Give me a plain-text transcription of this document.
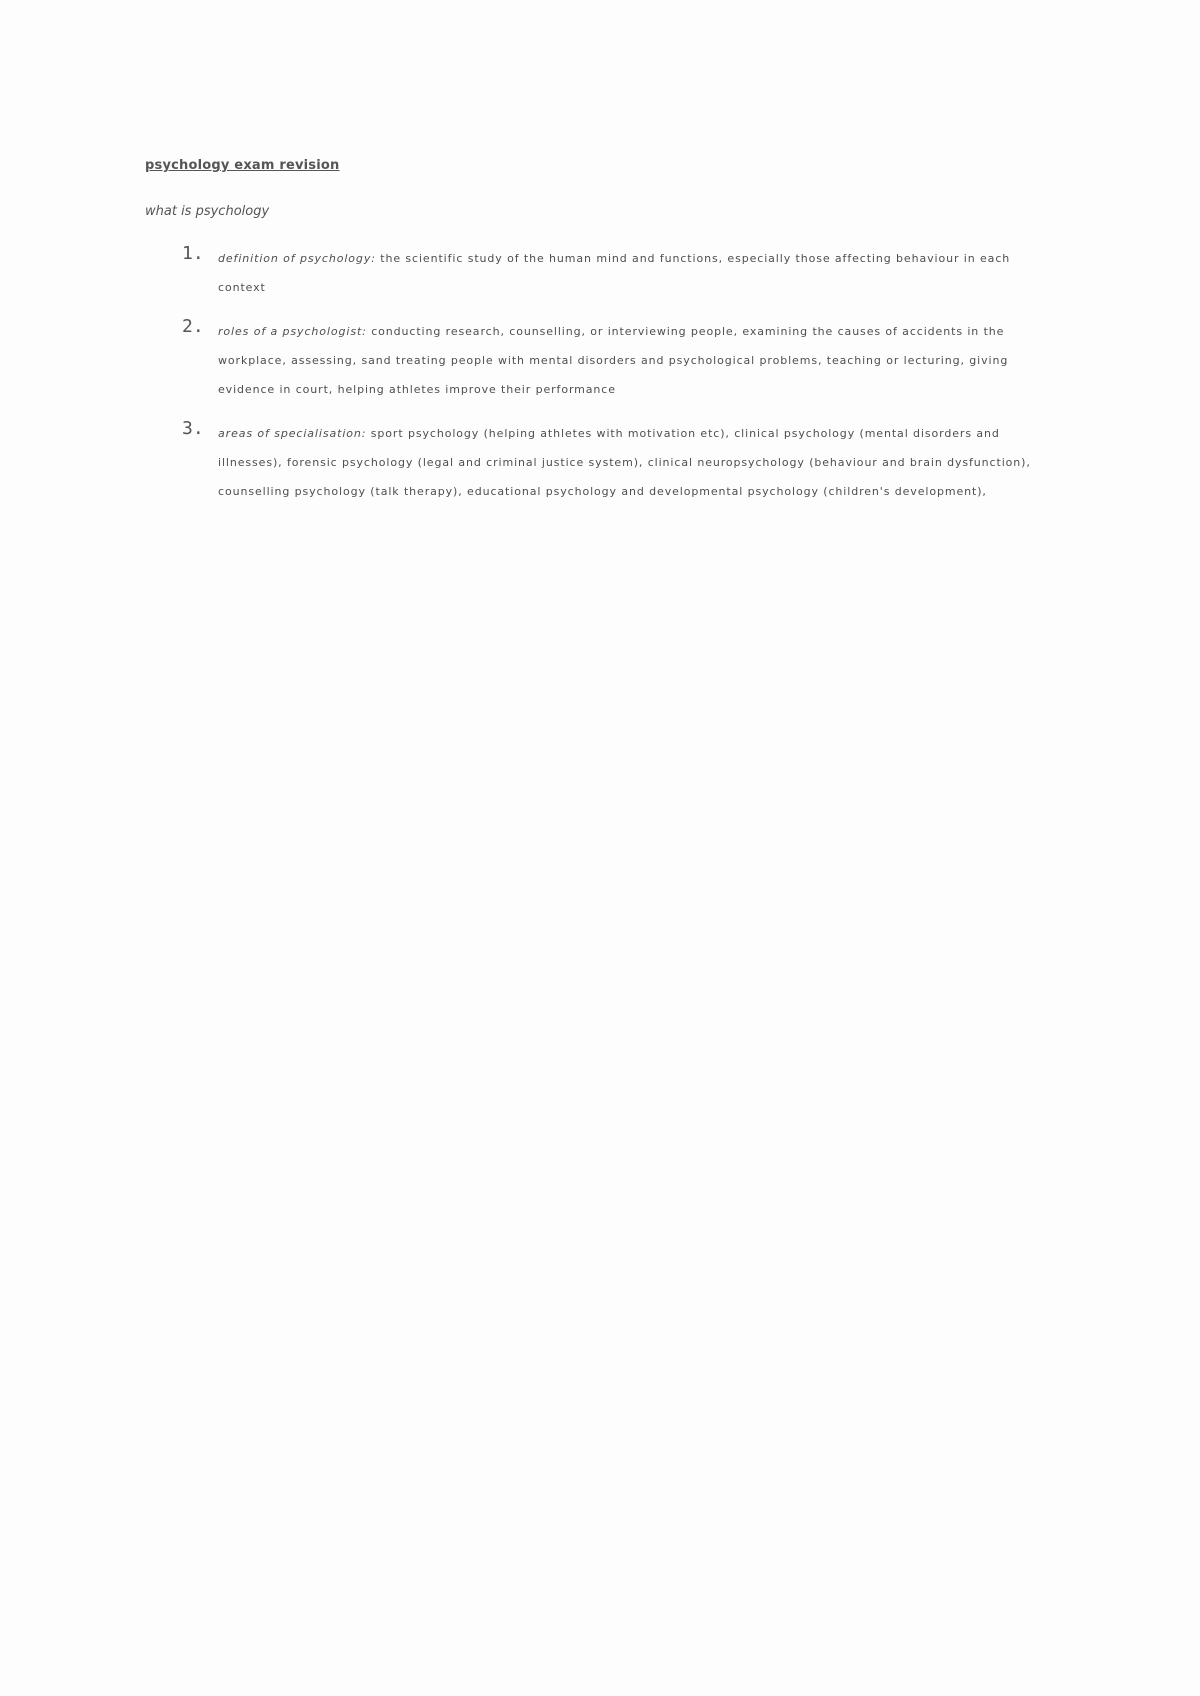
psychology exam revision
what is psychology
1. definition of psychology: the scientific study of the human mind and functions, especially those affecting behaviour in each context
2. roles of a psychologist: conducting research, counselling, or interviewing people, examining the causes of accidents in the workplace, assessing, sand treating people with mental disorders and psychological problems, teaching or lecturing, giving evidence in court, helping athletes improve their performance
3. areas of specialisation: sport psychology (helping athletes with motivation etc), clinical psychology (mental disorders and illnesses), forensic psychology (legal and criminal justice system), clinical neuropsychology (behaviour and brain dysfunction), counselling psychology (talk therapy), educational psychology and developmental psychology (children's development),
